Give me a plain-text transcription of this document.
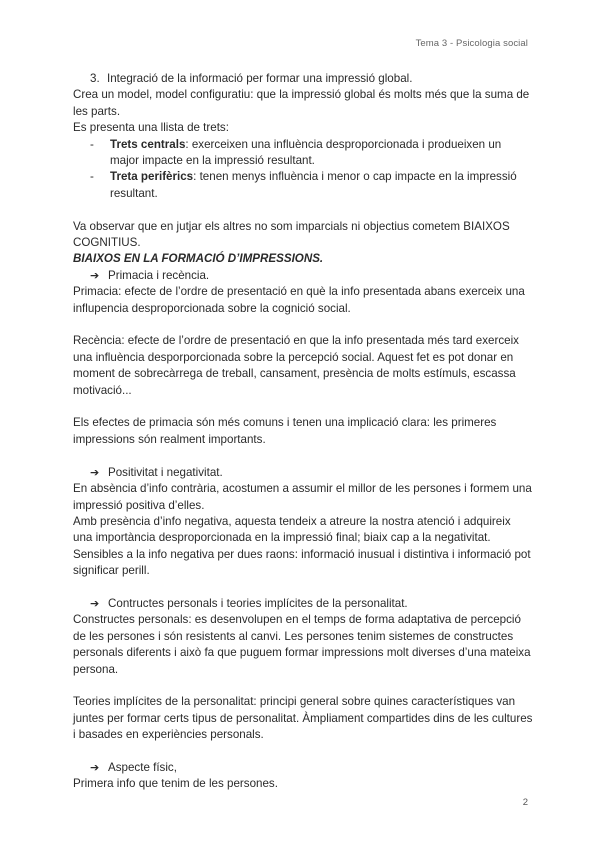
Tema 3 - Psicologia social

3. Integració de la informació per formar una impressió global.

Crea un model, model configuratiu: que la impressió global és molts més que la suma de les parts.

Es presenta una llista de trets:

- Trets centrals: exerceixen una influència desproporcionada i produeixen un major impacte en la impressió resultant.

- Treta perifèrics: tenen menys influència i menor o cap impacte en la impressió resultant.

Va observar que en jutjar els altres no som imparcials ni objectius cometem BIAIXOS COGNITIUS.

BIAIXOS EN LA FORMACIÓ D’IMPRESSIONS.

➔ Primacia i recència.

Primacia: efecte de l’ordre de presentació en què la info presentada abans exerceix una influpencia desproporcionada sobre la cognició social.

Recència: efecte de l’ordre de presentació en que la info presentada més tard exerceix una influència desporporcionada sobre la percepció social. Aquest fet es pot donar en moment de sobrecàrrega de treball, cansament, presència de molts estímuls, escassa motivació...

Els efectes de primacia són més comuns i tenen una implicació clara: les primeres impressions són realment importants.

➔ Positivitat i negativitat.

En absència d’info contrària, acostumen a assumir el millor de les persones i formem una impressió positiva d’elles.

Amb presència d’info negativa, aquesta tendeix a atreure la nostra atenció i adquireix una importància desproporcionada en la impressió final; biaix cap a la negativitat.

Sensibles a la info negativa per dues raons: informació inusual i distintiva i informació pot significar perill.

➔ Contructes personals i teories implícites de la personalitat.

Constructes personals: es desenvolupen en el temps de forma adaptativa de percepció de les persones i són resistents al canvi. Les persones tenim sistemes de constructes personals diferents i això fa que puguem formar impressions molt diverses d’una mateixa persona.

Teories implícites de la personalitat: principi general sobre quines característiques van juntes per formar certs tipus de personalitat. Àmpliament compartides dins de les cultures i basades en experiències personals.

➔ Aspecte físic,

Primera info que tenim de les persones.

2
